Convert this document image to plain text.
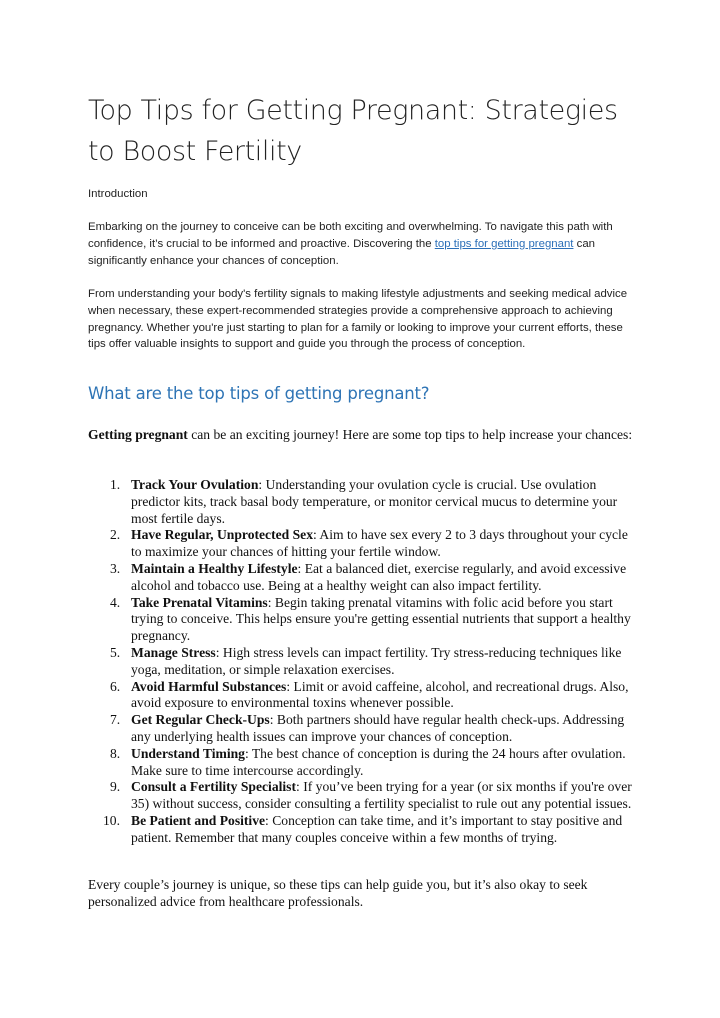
Top Tips for Getting Pregnant: Strategies to Boost Fertility
Introduction

Embarking on the journey to conceive can be both exciting and overwhelming. To navigate this path with confidence, it’s crucial to be informed and proactive. Discovering the top tips for getting pregnant can significantly enhance your chances of conception.

From understanding your body's fertility signals to making lifestyle adjustments and seeking medical advice when necessary, these expert-recommended strategies provide a comprehensive approach to achieving pregnancy. Whether you're just starting to plan for a family or looking to improve your current efforts, these tips offer valuable insights to support and guide you through the process of conception.

What are the top tips of getting pregnant?

Getting pregnant can be an exciting journey! Here are some top tips to help increase your chances:

1. Track Your Ovulation: Understanding your ovulation cycle is crucial. Use ovulation predictor kits, track basal body temperature, or monitor cervical mucus to determine your most fertile days.
2. Have Regular, Unprotected Sex: Aim to have sex every 2 to 3 days throughout your cycle to maximize your chances of hitting your fertile window.
3. Maintain a Healthy Lifestyle: Eat a balanced diet, exercise regularly, and avoid excessive alcohol and tobacco use. Being at a healthy weight can also impact fertility.
4. Take Prenatal Vitamins: Begin taking prenatal vitamins with folic acid before you start trying to conceive. This helps ensure you're getting essential nutrients that support a healthy pregnancy.
5. Manage Stress: High stress levels can impact fertility. Try stress-reducing techniques like yoga, meditation, or simple relaxation exercises.
6. Avoid Harmful Substances: Limit or avoid caffeine, alcohol, and recreational drugs. Also, avoid exposure to environmental toxins whenever possible.
7. Get Regular Check-Ups: Both partners should have regular health check-ups. Addressing any underlying health issues can improve your chances of conception.
8. Understand Timing: The best chance of conception is during the 24 hours after ovulation. Make sure to time intercourse accordingly.
9. Consult a Fertility Specialist: If you’ve been trying for a year (or six months if you're over 35) without success, consider consulting a fertility specialist to rule out any potential issues.
10. Be Patient and Positive: Conception can take time, and it’s important to stay positive and patient. Remember that many couples conceive within a few months of trying.

Every couple’s journey is unique, so these tips can help guide you, but it’s also okay to seek personalized advice from healthcare professionals.
